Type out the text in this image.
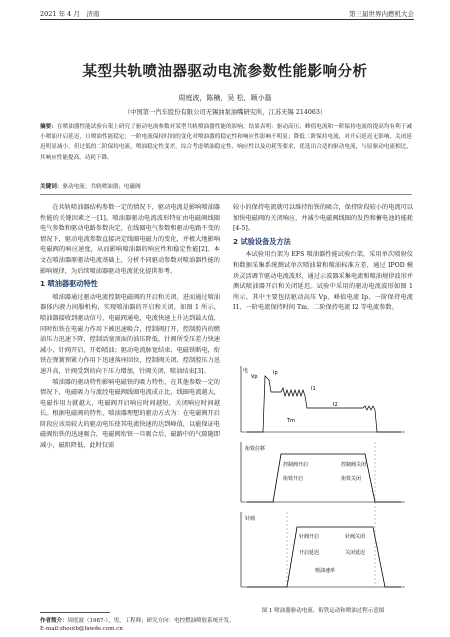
2021 年 4 月　济南	第三届世界内燃机大会
某型共轨喷油器驱动电流参数性能影响分析
周庭波，陈楠，吴 松，顾小磊
（中国第一汽车股份有限公司无锡油泵油嘴研究所，江苏无锡 214063）
摘要：在喷油器性能试验台架上研究了驱动电流参数对某型共轨喷油器性能的影响。结果表明：驱动高压、峰值电流和一阶保持电流的提高均有利于减小喷油开启延迟，且喷油性能稳定；一阶电流保持时间的变化对喷油器的稳定性和响应性影响不明显；降低二阶保持电流，对开启延迟无影响，关闭延迟明显减小，但过低的二阶保持电流，喷油稳定性变差。综合考虑喷油稳定性、响应性以及功耗等要求，优选出合适的驱动电流，与原驱动电流相比，其响应性能提高，功耗下降。
关键词：驱动电流；共轨喷油器；电磁阀

在共轨喷油器结构参数一定的情况下，驱动电流是影响喷油器性能的关键因素之一[1]。喷油器驱动电流波形特征由电磁阀线圈电气参数和驱动电路参数决定，在线圈电气参数和驱动电路不变的情况下，驱动电流参数直接决定线圈电磁力的变化，并极大地影响电磁阀的响应速度，从而影响喷油器的响应性和稳定性能[2]。本文在喷油器原驱动电流基础上，分析不同驱动参数对喷油器性能的影响规律，为后续喷油器驱动电流优化提供参考。

1 喷油器驱动特性

喷油器通过驱动电流控制电磁阀的开启和关闭，进而通过喷油器体内液力间服机构，实现喷油器的开启和关闭，如图 1 所示，喷油器接收到驱动信号，电磁阀通电，电流快速上升达到最大值，同时衔铁在电磁力作用下被迅速吸合，控制阀打开，控制腔内的燃油压力迅速下降，控制活塞顶面的油压降低，针阀所受压差力快速减小，针阀开启，开始喷油；驱动电流脉宽结束，电磁铁断电，衔铁在弹簧预紧力作用下迅速落座回位，控制阀关闭，控制腔压力迅速升高，针阀受到的向下压力增加，针阀关闭，喷油结束[3]。

喷油器的驱动特性影响电磁铁的吸力特性，在其他参数一定的情况下，电磁吸力与流经电磁阀线圈电流成正比，线圈电流越大，电磁作用力就越大，电磁阀开启响应时间越短，关闭响应时间越长。根据电磁阀的特性，喷油器理想的驱动方式为：在电磁阀开启阶段应该用较大的驱动电压使其电流快速的达到峰值，以能保证电磁阀衔铁的迅速吸合，电磁阀衔铁一旦吸合后，磁路中的气隙随即减小，磁阻降低，此时仅需

较小的保持电流就可以维持衔铁的吸合，保持阶段较小的电流可以加快电磁阀的关闭响应，并减少电磁阀线圈的发热和蓄电池的能耗[4-5]。

2 试验设备及方法

本试验用台架为 EFS 喷油器性能试验台架，采用单次喷射仪和数据采集系统测试单次喷油量和喷油标准方差，通过 IPOD 模块灵活调节驱动电流波形，通过示波器采集电流和喷油规律波形并测试喷油器开启和关闭延迟。试验中采用的驱动电流波形如图 1 所示，其中主要包括驱动高压 Vp、峰值电流 Ip、一阶保持电流 I1、一阶电流保持时间 Tm、二阶保持电流 I2 等电流参数。

电
Vp
Ip
I1
I2
Tm
衔铁位移
控制阀开启	控制阀关闭
衔铁开启	衔铁关闭
针阀
针阀开启	针阀关闭
开启延迟	关闭延迟
喷油速率
图 1 喷油器驱动电流、衔铁运动和喷油过程示意图
作者简介：周庭波（1987-），男，工程师；研究方向：电控燃油喷射系统开发。
E-mail:zhoutb@fawde.com.cn
